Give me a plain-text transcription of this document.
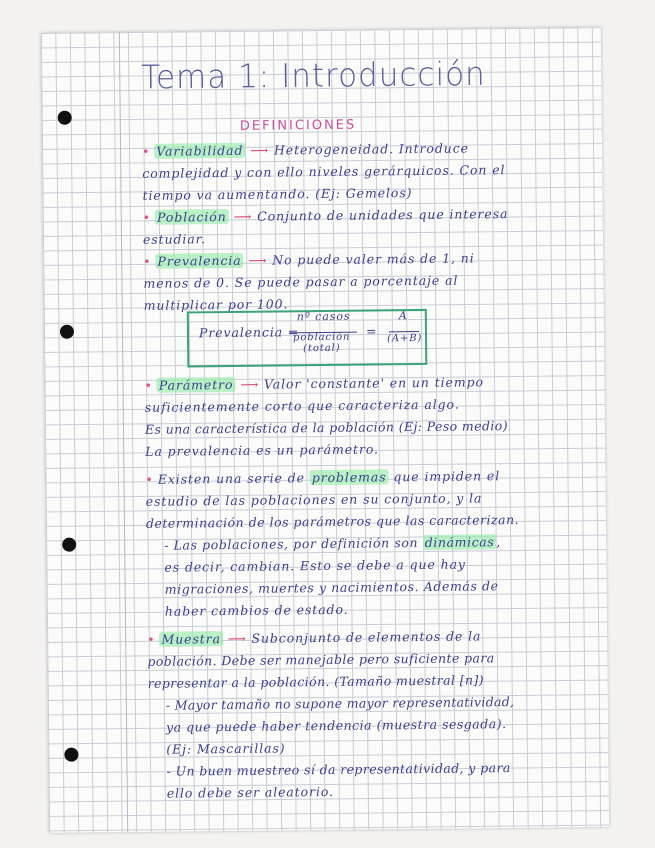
Tema 1: Introducción
DEFINICIONES
• Variabilidad ⟶ Heterogeneidad. Introduce
complejidad y con ello niveles gerárquicos. Con el
tiempo va aumentando. (Ej: Gemelos)
• Población ⟶ Conjunto de unidades que interesa
estudiar.
• Prevalencia ⟶ No puede valer más de 1, ni
menos de 0. Se puede pasar a porcentaje al
multiplicar por 100.
Prevalencia =
nº casos
población
(total)
=
A
(A+B)
• Parámetro ⟶ Valor 'constante' en un tiempo
suficientemente corto que caracteriza algo.
Es una característica de la población (Ej: Peso medio)
La prevalencia es un parámetro.
• Existen una serie de problemas que impiden el
estudio de las poblaciones en su conjunto, y la
determinación de los parámetros que las caracterizan.
- Las poblaciones, por definición son dinámicas ,
es decir, cambian. Esto se debe a que hay
migraciones, muertes y nacimientos. Además de
haber cambios de estado.
• Muestra ⟶ Subconjunto de elementos de la
población. Debe ser manejable pero suficiente para
representar a la población. (Tamaño muestral [n])
- Mayor tamaño no supone mayor representatividad,
ya que puede haber tendencia (muestra sesgada).
(Ej: Mascarillas)
- Un buen muestreo sí da representatividad, y para
ello debe ser aleatorio.
